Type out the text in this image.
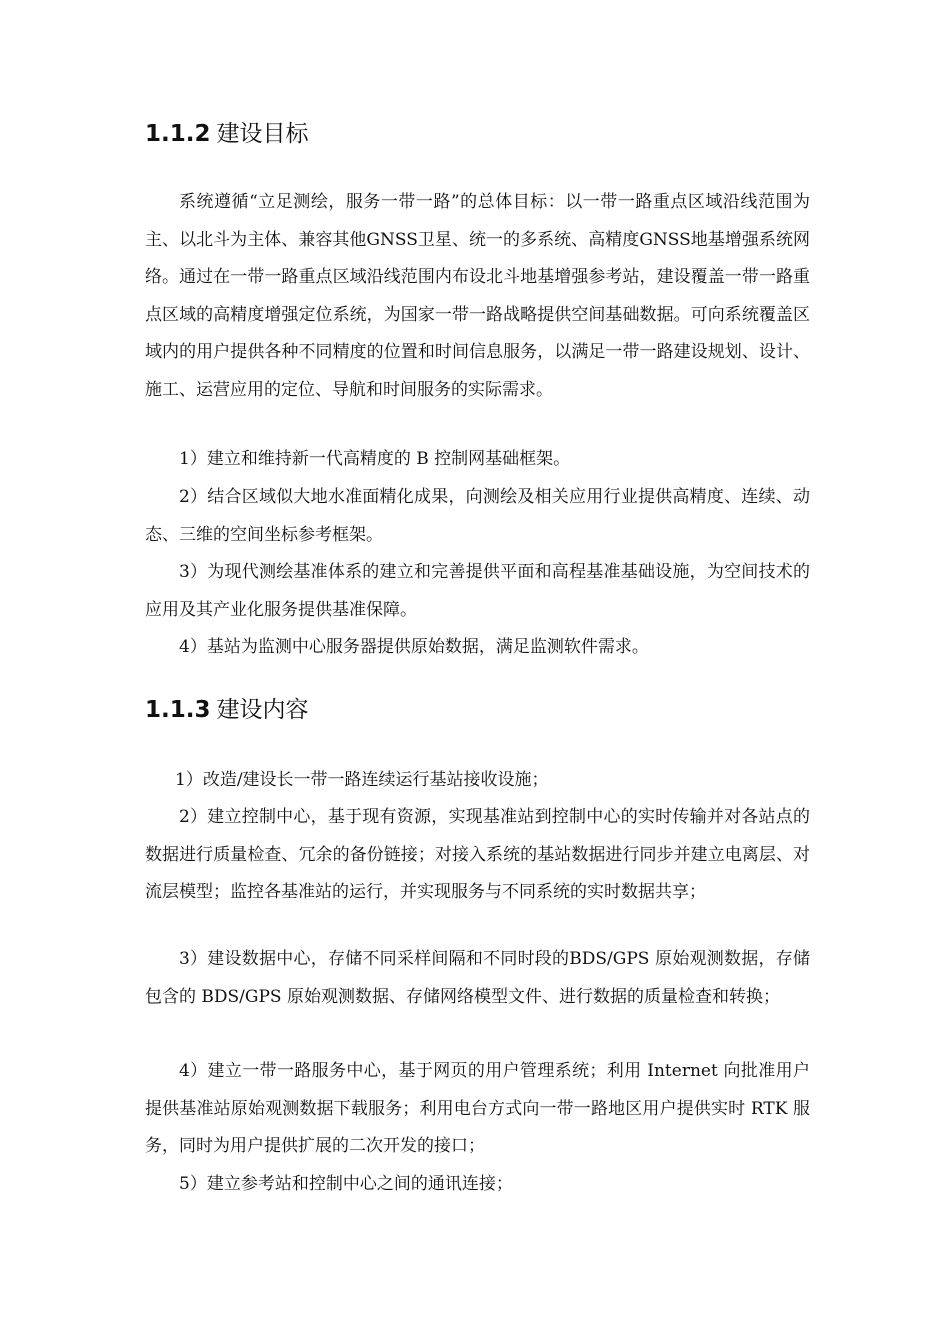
1.1.2 建设目标

系统遵循“立足测绘，服务一带一路”的总体目标：以一带一路重点区域沿线范围为主、以北斗为主体、兼容其他GNSS卫星、统一的多系统、高精度GNSS地基增强系统网络。通过在一带一路重点区域沿线范围内布设北斗地基增强参考站，建设覆盖一带一路重点区域的高精度增强定位系统，为国家一带一路战略提供空间基础数据。可向系统覆盖区域内的用户提供各种不同精度的位置和时间信息服务，以满足一带一路建设规划、设计、施工、运营应用的定位、导航和时间服务的实际需求。

1）建立和维持新一代高精度的 B 控制网基础框架。

2）结合区域似大地水准面精化成果，向测绘及相关应用行业提供高精度、连续、动态、三维的空间坐标参考框架。

3）为现代测绘基准体系的建立和完善提供平面和高程基准基础设施，为空间技术的应用及其产业化服务提供基准保障。

4）基站为监测中心服务器提供原始数据，满足监测软件需求。

1.1.3 建设内容

1）改造/建设长一带一路连续运行基站接收设施；

2）建立控制中心，基于现有资源，实现基准站到控制中心的实时传输并对各站点的数据进行质量检查、冗余的备份链接；对接入系统的基站数据进行同步并建立电离层、对流层模型；监控各基准站的运行，并实现服务与不同系统的实时数据共享；

3）建设数据中心，存储不同采样间隔和不同时段的BDS/GPS 原始观测数据，存储包含的 BDS/GPS 原始观测数据、存储网络模型文件、进行数据的质量检查和转换；

4）建立一带一路服务中心，基于网页的用户管理系统；利用 Internet 向批准用户提供基准站原始观测数据下载服务；利用电台方式向一带一路地区用户提供实时 RTK 服务，同时为用户提供扩展的二次开发的接口；

5）建立参考站和控制中心之间的通讯连接；
